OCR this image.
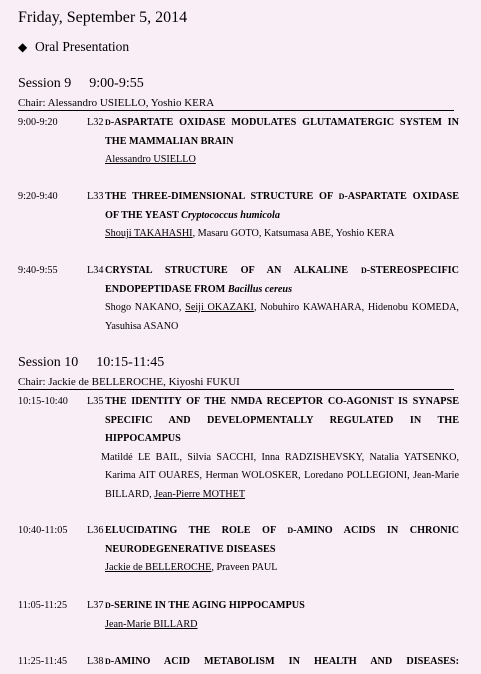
Friday, September 5, 2014
◆ Oral Presentation
Session 9 9:00-9:55
Chair: Alessandro USIELLO, Yoshio KERA
9:00-9:20	L32 D-ASPARTATE OXIDASE MODULATES GLUTAMATERGIC SYSTEM IN THE MAMMALIAN BRAIN
Alessandro USIELLO
9:20-9:40	L33 THE THREE-DIMENSIONAL STRUCTURE OF D-ASPARTATE OXIDASE OF THE YEAST Cryptococcus humicola
Shouji TAKAHASHI, Masaru GOTO, Katsumasa ABE, Yoshio KERA
9:40-9:55	L34 CRYSTAL STRUCTURE OF AN ALKALINE D-STEREOSPECIFIC ENDOPEPTIDASE FROM Bacillus cereus
Shogo NAKANO, Seiji OKAZAKI, Nobuhiro KAWAHARA, Hidenobu KOMEDA, Yasuhisa ASANO
Session 10 10:15-11:45
Chair: Jackie de BELLEROCHE, Kiyoshi FUKUI
10:15-10:40 L35 THE IDENTITY OF THE NMDA RECEPTOR CO-AGONIST IS SYNAPSE SPECIFIC AND DEVELOPMENTALLY REGULATED IN THE HIPPOCAMPUS
Matildé LE BAIL, Silvia SACCHI, Inna RADZISHEVSKY, Natalia YATSENKO, Karima AIT OUARES, Herman WOLOSKER, Loredano POLLEGIONI, Jean-Marie BILLARD, Jean-Pierre MOTHET
10:40-11:05 L36 ELUCIDATING THE ROLE OF D-AMINO ACIDS IN CHRONIC NEURODEGENERATIVE DISEASES
Jackie de BELLEROCHE, Praveen PAUL
11:05-11:25 L37 D-SERINE IN THE AGING HIPPOCAMPUS
Jean-Marie BILLARD
11:25-11:45 L38 D-AMINO ACID METABOLISM IN HEALTH AND DISEASES:
